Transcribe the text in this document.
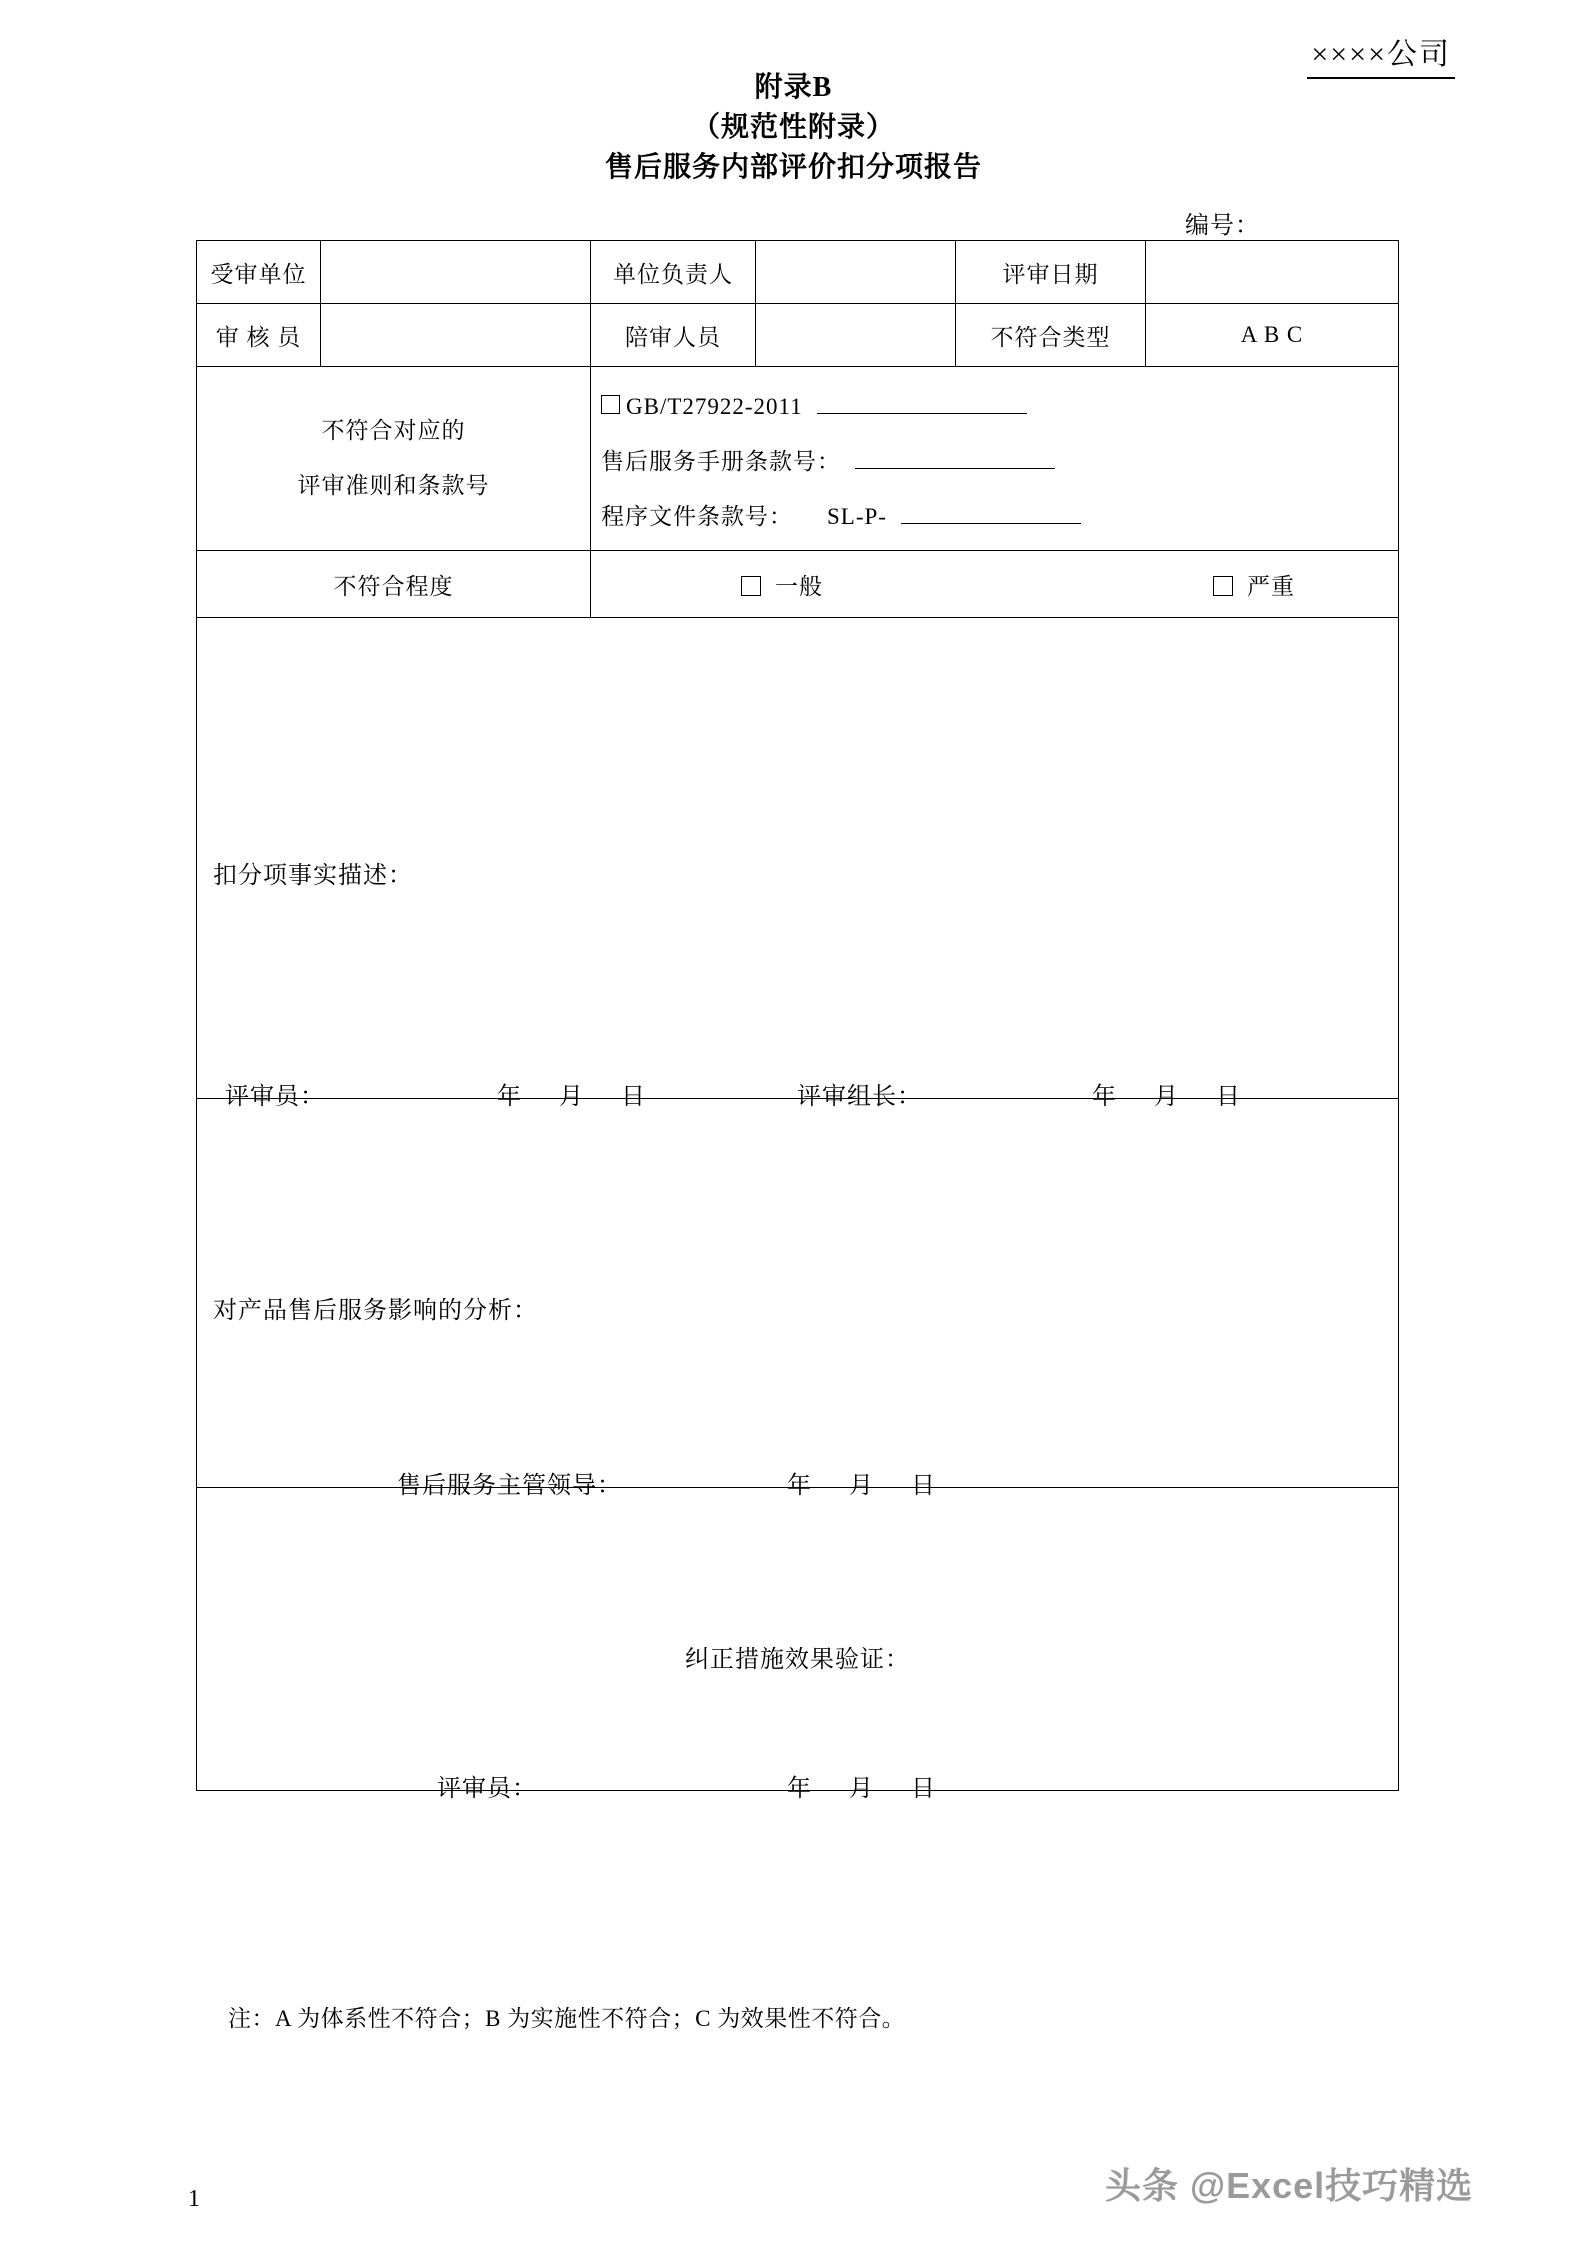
××××公司
附录B
（规范性附录）
售后服务内部评价扣分项报告
编号：
受审单位		单位负责人		评审日期	
审 核 员		陪审人员		不符合类型	A B C

不符合对应的
评审准则和条款号

GB/T27922-2011
售后服务手册条款号：
程序文件条款号： SL-P-

不符合程度		一般 严重			

扣分项事实描述：
评审员： 年 月 日 评审组长： 年 月 日					

对产品售后服务影响的分析：
售后服务主管领导： 年 月 日					

纠正措施效果验证：
评审员： 年 月 日					
注：A 为体系性不符合；B 为实施性不符合；C 为效果性不符合。
1	头条 @Excel技巧精选
